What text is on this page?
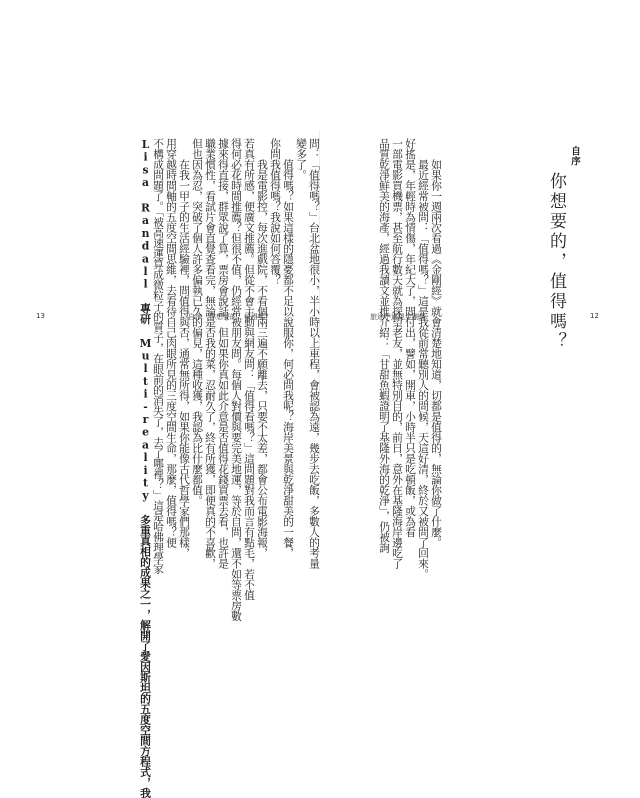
問：「值得嗎？」台北盆地很小，半小時以上車程，會被認為遠，幾步去吃飯，多數人的考量
變多了。
　　值得嗎？如果這樣的隱憂都不足以說服你，何必問我呢？海岸美景與乾淨甜美的一餐，
你問我值得嗎？我說如何答覆？
　　我是電影控，每次進戲院，不看個兩三遍不願離去，只要不太差，都會公布電影海報，
若真有所感，便廣文推薦。但從不會主動與網友問：「值得看嗎？」這問題對我而言有點毛，若不值
得何必花時間推薦？但很不值，仍經常被朋友問。每個人對價與要完美地運，等於自問，還不如等票房數
據來得直接，群眾說了算，票房會說話。但如果你真如此介意是否值得花錢買票去看，也許是
職業慣性，看試片會直覺查看完，無論是否我的菜，忍耐久了，終有所獲，即便真的不喜歡，
但也因為忍，突破了個人許多偏執已久的偏見，這種收獲，我認為比什麼都值。
　　在我一甲子的生活經驗裡，問值得與否，通常無所得，如果你能像古代哲學家們那樣，
用穿越時間軸的五度空間思維，去看待自己肉眼所見的三度空間生命，那麼，值得嗎？便
不構成問題了。「被高速運算成微粒子的質子，在眼前的消失了，去了哪裡？」這是哈佛理學家
Lisa Randall 專研 Multi-reality 多重真相的成果之一，解開了愛因斯坦的五度空間方程式，我
13	自序　你想要的，值得嗎？	　　如果你一週兩次看過《金剛經》就會清楚地知道，切都是值得的，無論你做了什麼。
　　最近經常被問：「值得嗎？」這是我從前常聽別人的問候，天這好清，終於又被問了回來。
好搖是，年輕時為情傷，年紀大了，問付出，譬如，開車，小時半只是吃頓飯，或為看
一部電影買機票，甚至航行數天就為探望老友，並無特別目的，前日，意外在基隆海岸邊吃了
品質乾淨鮮美的海產，經過我讀文並推介紹：「甘甜魚蝦證明了基隆外海的乾淨」，仍被詢	自序
你想要的，值得嗎？
旅途中遇見金剛經	12
